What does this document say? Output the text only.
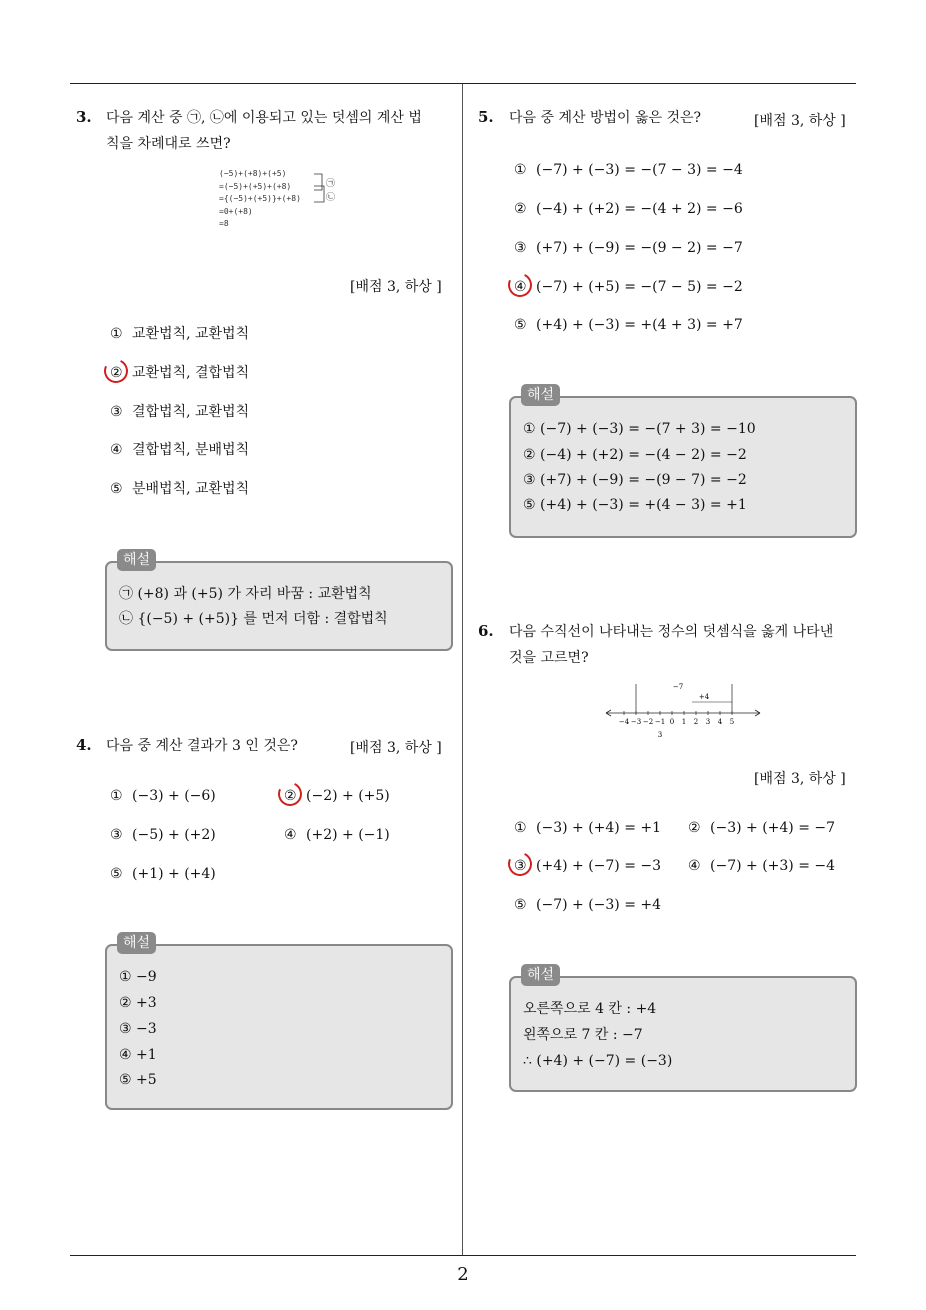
2
3. 다음 계산 중 ㉠, ㉡에 이용되고 있는 덧셈의 계산 법
칙을 차례대로 쓰면?
(−5)+(+8)+(+5)
=(−5)+(+5)+(+8)
={(−5)+(+5)}+(+8)
=0+(+8)
=8
㉠
㉡
[배점 3, 하상 ]
① 교환법칙, 교환법칙
② 교환법칙, 결합법칙
③ 결합법칙, 교환법칙
④ 결합법칙, 분배법칙
⑤ 분배법칙, 교환법칙
해설
㉠ (+8) 과 (+5) 가 자리 바꿈 : 교환법칙
㉡ {(−5) + (+5)} 를 먼저 더함 : 결합법칙
4. 다음 중 계산 결과가 3 인 것은?	[배점 3, 하상 ]
① (−3) + (−6)	② (−2) + (+5)
③ (−5) + (+2)	④ (+2) + (−1)
⑤ (+1) + (+4)
해설
① −9
② +3
③ −3
④ +1
⑤ +5
5. 다음 중 계산 방법이 옳은 것은?	[배점 3, 하상 ]
① (−7) + (−3) = −(7 − 3) = −4
② (−4) + (+2) = −(4 + 2) = −6
③ (+7) + (−9) = −(9 − 2) = −7
④ (−7) + (+5) = −(7 − 5) = −2
⑤ (+4) + (−3) = +(4 + 3) = +7
해설
① (−7) + (−3) = −(7 + 3) = −10
② (−4) + (+2) = −(4 − 2) = −2
③ (+7) + (−9) = −(9 − 7) = −2
⑤ (+4) + (−3) = +(4 − 3) = +1
6. 다음 수직선이 나타내는 정수의 덧셈식을 옳게 나타낸
것을 고르면?
−4 −3 −2 −1 0 1 2 3 4 5
−7
+4
3
[배점 3, 하상 ]
① (−3) + (+4) = +1 ② (−3) + (+4) = −7
③ (+4) + (−7) = −3 ④ (−7) + (+3) = −4
⑤ (−7) + (−3) = +4
해설
오른쪽으로 4 칸 : +4
왼쪽으로 7 칸 : −7
∴ (+4) + (−7) = (−3)
